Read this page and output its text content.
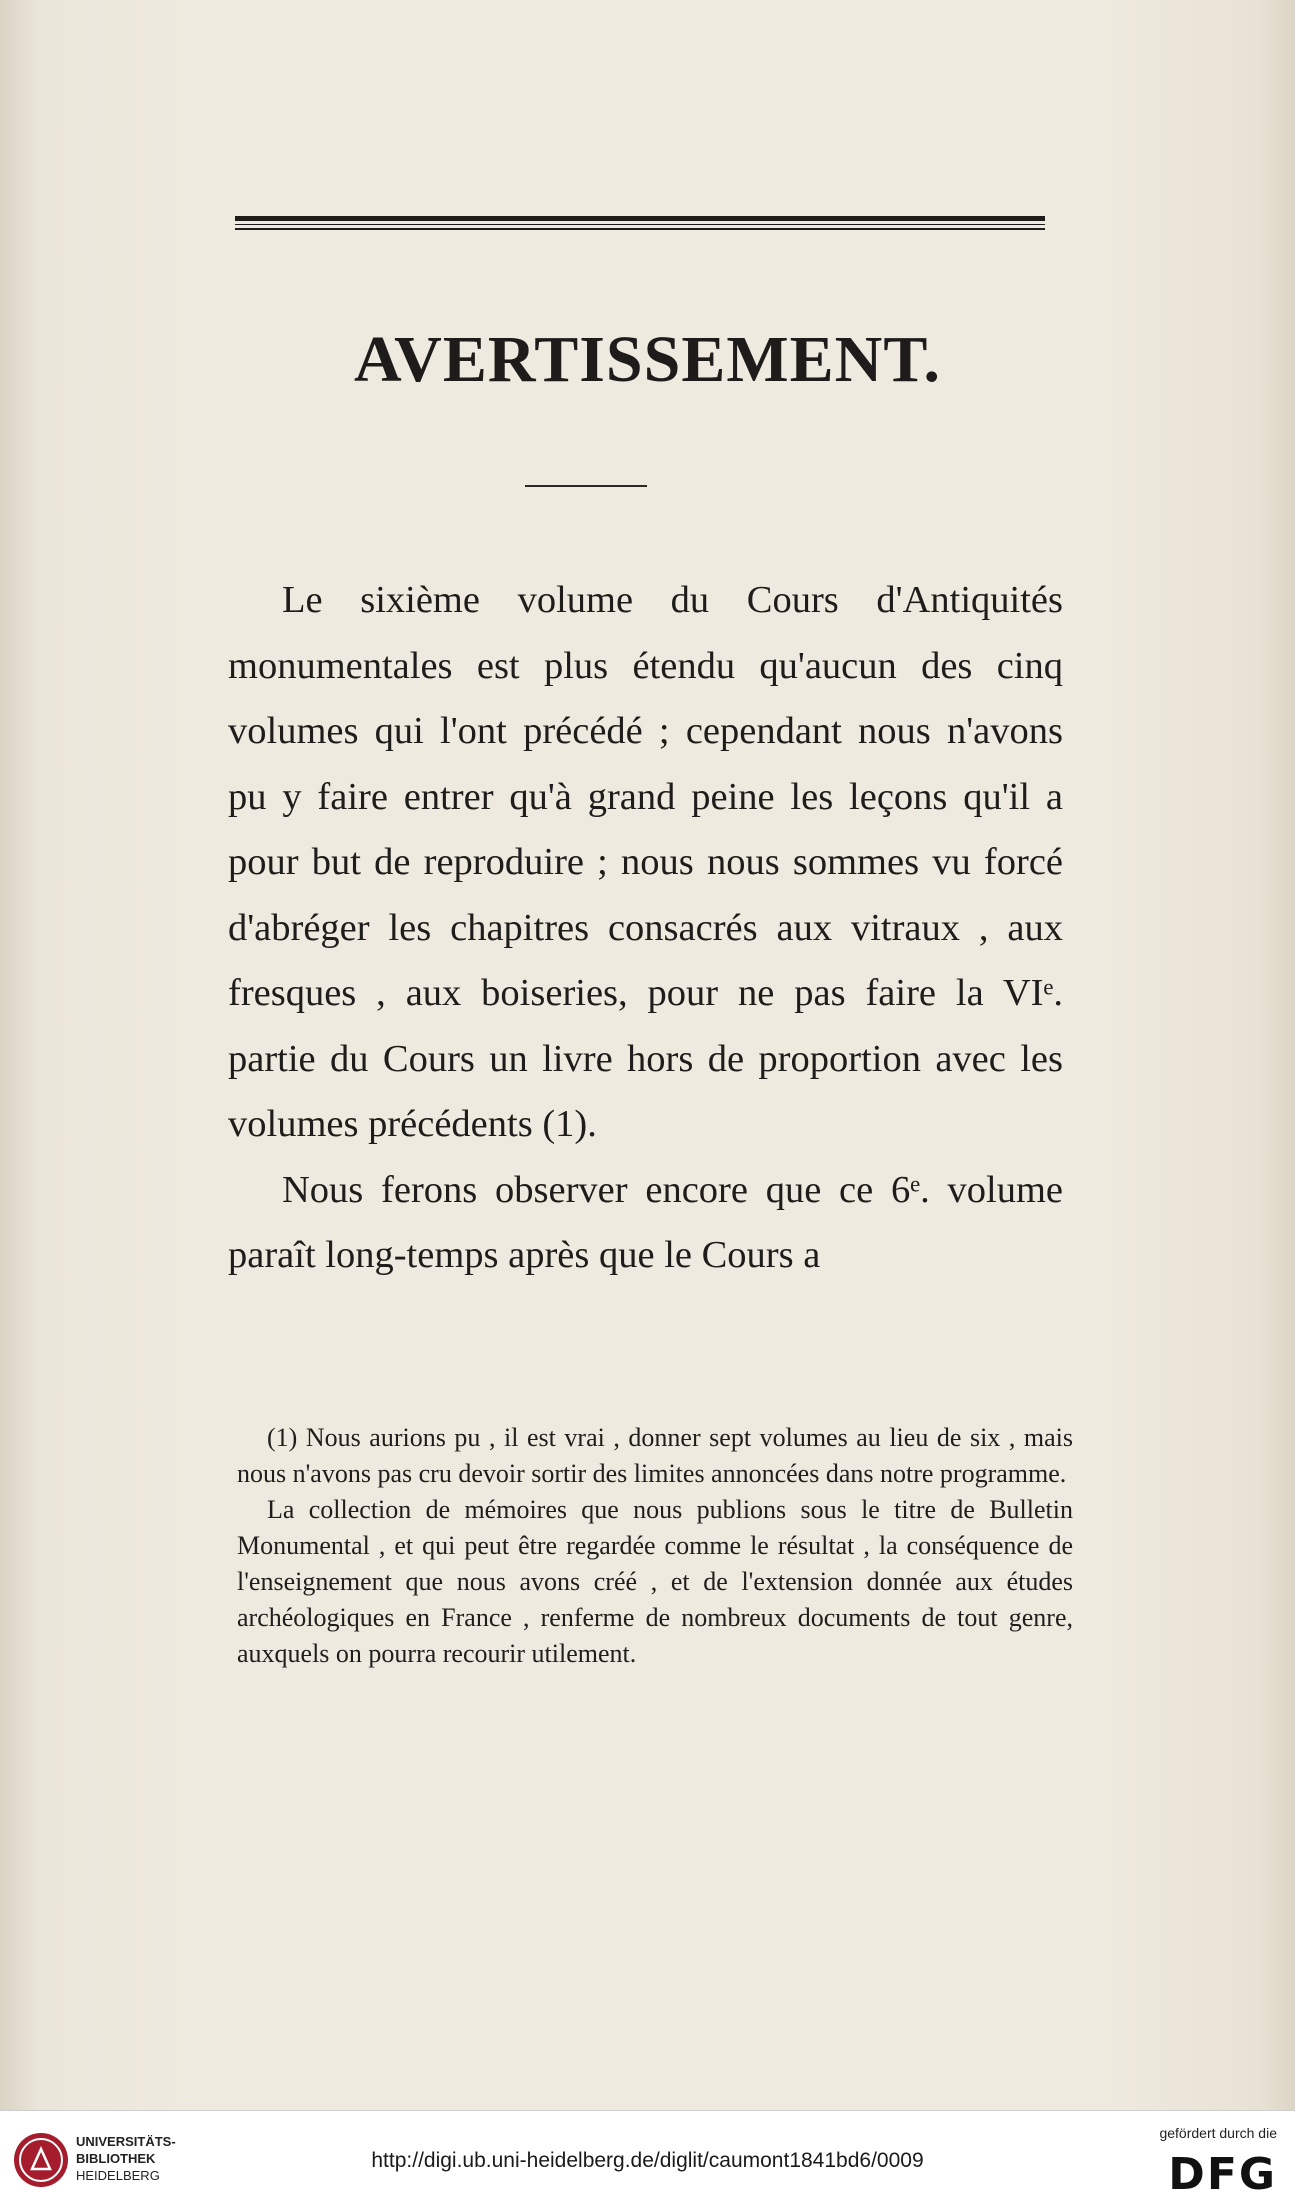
AVERTISSEMENT.

Le sixième volume du Cours d'Antiquités monumentales est plus étendu qu'aucun des cinq volumes qui l'ont précédé ; cependant nous n'avons pu y faire entrer qu'à grand peine les leçons qu'il a pour but de reproduire ; nous nous sommes vu forcé d'abréger les chapitres consacrés aux vitraux , aux fresques , aux boiseries, pour ne pas faire la VIᵉ. partie du Cours un livre hors de proportion avec les volumes précédents (1).

Nous ferons observer encore que ce 6ᵉ. volume paraît long-temps après que le Cours a

(1) Nous aurions pu , il est vrai , donner sept volumes au lieu de six , mais nous n'avons pas cru devoir sortir des limites annoncées dans notre programme.

La collection de mémoires que nous publions sous le titre de Bulletin Monumental , et qui peut être regardée comme le résultat , la conséquence de l'enseignement que nous avons créé , et de l'extension donnée aux études archéologiques en France , renferme de nombreux documents de tout genre, auxquels on pourra recourir utilement.

UNIVERSITÄTS-
BIBLIOTHEK
HEIDELBERG
http://digi.ub.uni-heidelberg.de/diglit/caumont1841bd6/0009
gefördert durch die
DFG
